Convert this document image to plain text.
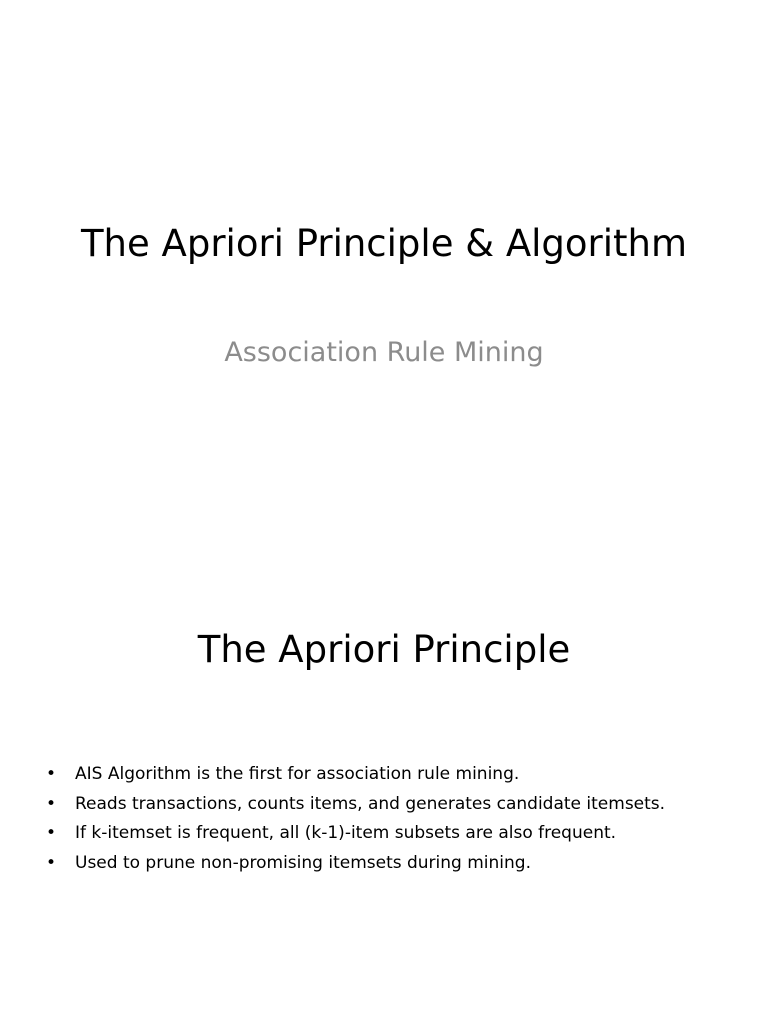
The Apriori Principle & Algorithm

Association Rule Mining

The Apriori Principle
• AIS Algorithm is the first for association rule mining.
• Reads transactions, counts items, and generates candidate itemsets.
• If k-itemset is frequent, all (k-1)-item subsets are also frequent.
• Used to prune non-promising itemsets during mining.
